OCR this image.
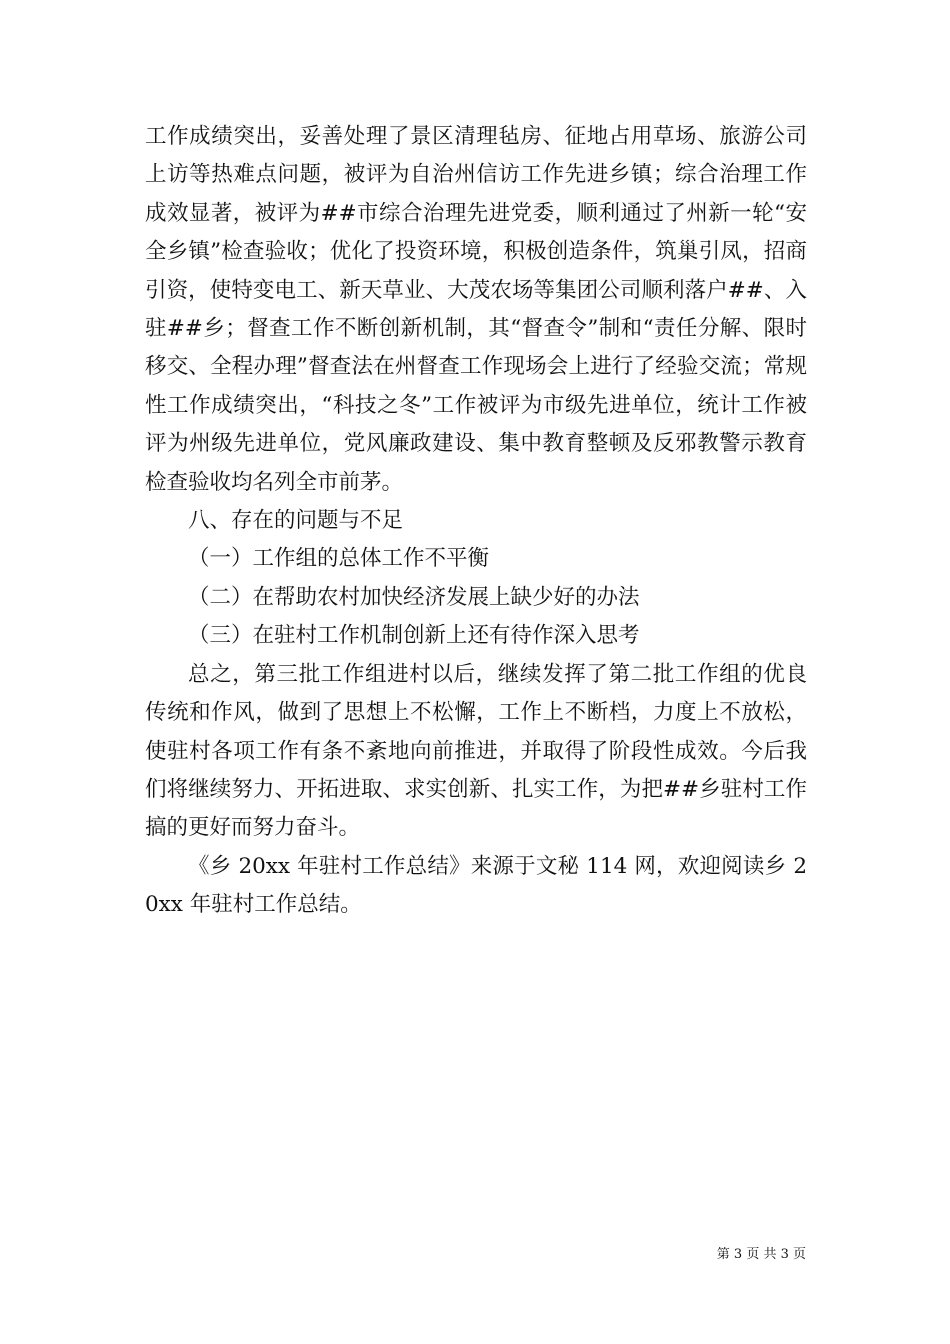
工作成绩突出，妥善处理了景区清理毡房、征地占用草场、旅游公司上访等热难点问题，被评为自治州信访工作先进乡镇；综合治理工作成效显著，被评为##市综合治理先进党委，顺利通过了州新一轮“安全乡镇”检查验收；优化了投资环境，积极创造条件，筑巢引凤，招商引资，使特变电工、新天草业、大茂农场等集团公司顺利落户##、入驻##乡；督查工作不断创新机制，其“督查令”制和“责任分解、限时移交、全程办理”督查法在州督查工作现场会上进行了经验交流；常规性工作成绩突出，“科技之冬”工作被评为市级先进单位，统计工作被评为州级先进单位，党风廉政建设、集中教育整顿及反邪教警示教育检查验收均名列全市前茅。

八、存在的问题与不足

（一）工作组的总体工作不平衡

（二）在帮助农村加快经济发展上缺少好的办法

（三）在驻村工作机制创新上还有待作深入思考

总之，第三批工作组进村以后，继续发挥了第二批工作组的优良传统和作风，做到了思想上不松懈，工作上不断档，力度上不放松，使驻村各项工作有条不紊地向前推进，并取得了阶段性成效。今后我们将继续努力、开拓进取、求实创新、扎实工作，为把##乡驻村工作搞的更好而努力奋斗。

《乡 20xx 年驻村工作总结》来源于文秘 114 网，欢迎阅读乡 20xx 年驻村工作总结。

第 3 页 共 3 页
